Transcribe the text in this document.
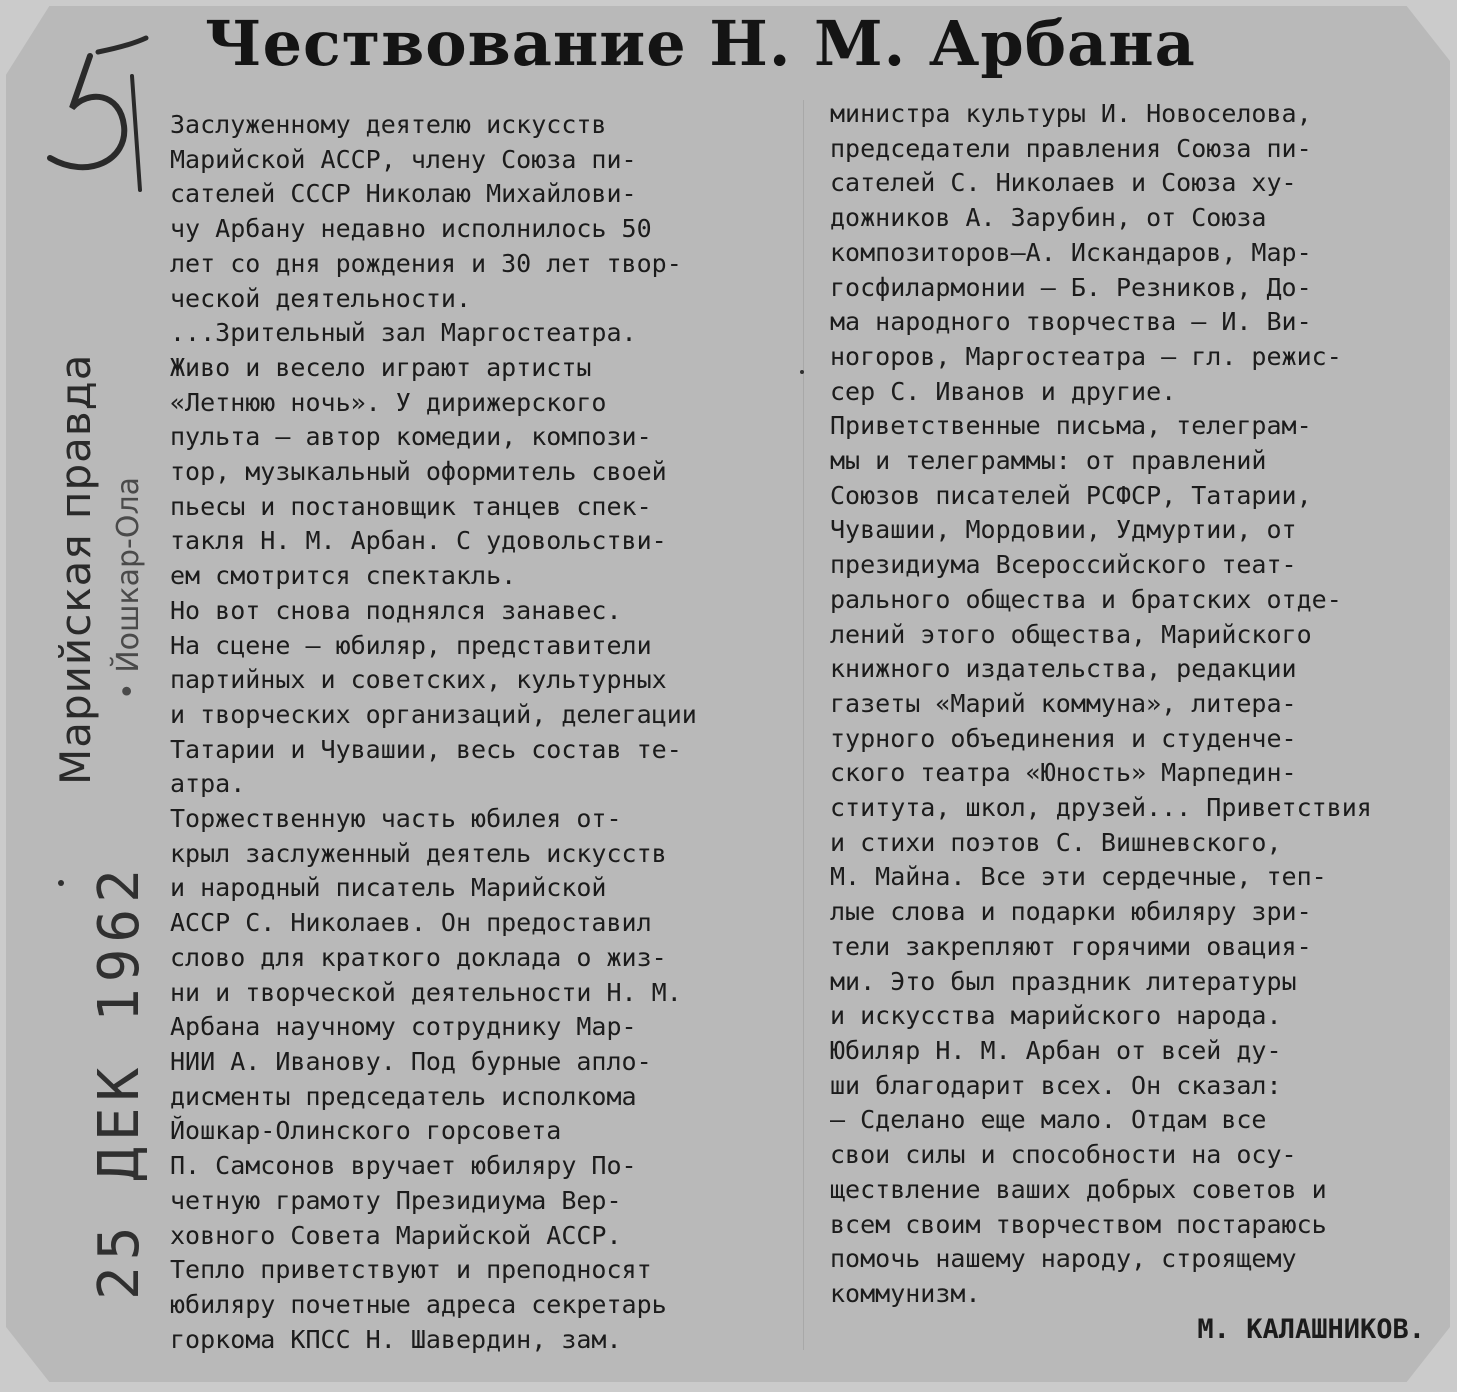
Марийская правда • Йошкар-Ола
25 ДЕК 1962
Чествование Н. М. Арбана
Заслуженному деятелю искусств
Марийской АССР, члену Союза пи-
сателей СССР Николаю Михайлови-
чу Арбану недавно исполнилось 50
лет со дня рождения и 30 лет твор-
ческой деятельности.
...Зрительный зал Маргостеатра.
Живо и весело играют артисты
«Летнюю ночь». У дирижерского
пульта — автор комедии, компози-
тор, музыкальный оформитель своей
пьесы и постановщик танцев спек-
такля Н. М. Арбан. С удовольстви-
ем смотрится спектакль.
Но вот снова поднялся занавес.
На сцене — юбиляр, представители
партийных и советских, культурных
и творческих организаций, делегации
Татарии и Чувашии, весь состав те-
атра.
Торжественную часть юбилея от-
крыл заслуженный деятель искусств
и народный писатель Марийской
АССР С. Николаев. Он предоставил
слово для краткого доклада о жиз-
ни и творческой деятельности Н. М.
Арбана научному сотруднику Мар-
НИИ А. Иванову. Под бурные апло-
дисменты председатель исполкома
Йошкар-Олинского горсовета
П. Самсонов вручает юбиляру По-
четную грамоту Президиума Вер-
ховного Совета Марийской АССР.
Тепло приветствуют и преподносят
юбиляру почетные адреса секретарь
горкома КПСС Н. Шавердин, зам.
министра культуры И. Новоселова,
председатели правления Союза пи-
сателей С. Николаев и Союза ху-
дожников А. Зарубин, от Союза
композиторов—А. Искандаров, Мар-
госфилармонии — Б. Резников, До-
ма народного творчества — И. Ви-
ногоров, Маргостеатра — гл. режис-
сер С. Иванов и другие.
Приветственные письма, телеграм-
мы и телеграммы: от правлений
Союзов писателей РСФСР, Татарии,
Чувашии, Мордовии, Удмуртии, от
президиума Всероссийского теат-
рального общества и братских отде-
лений этого общества, Марийского
книжного издательства, редакции
газеты «Марий коммуна», литера-
турного объединения и студенче-
ского театра «Юность» Марпедин-
ститута, школ, друзей... Приветствия
и стихи поэтов С. Вишневского,
М. Майна. Все эти сердечные, теп-
лые слова и подарки юбиляру зри-
тели закрепляют горячими овация-
ми. Это был праздник литературы
и искусства марийского народа.
Юбиляр Н. М. Арбан от всей ду-
ши благодарит всех. Он сказал:
— Сделано еще мало. Отдам все
свои силы и способности на осу-
ществление ваших добрых советов и
всем своим творчеством постараюсь
помочь нашему народу, строящему
коммунизм.
М. КАЛАШНИКОВ.
